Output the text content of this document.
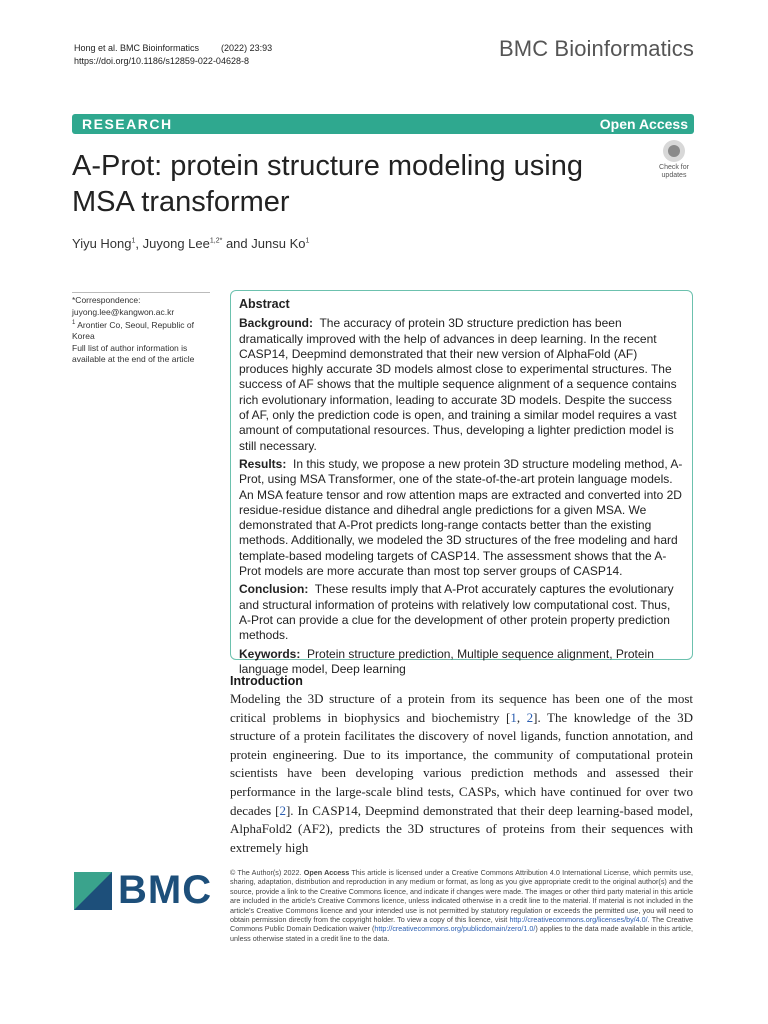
Hong et al. BMC Bioinformatics (2022) 23:93
https://doi.org/10.1186/s12859-022-04628-8	BMC Bioinformatics
RESEARCH	Open Access
A-Prot: protein structure modeling using MSA transformer
Check for updates
Yiyu Hong$^1$, Juyong Lee$^{1,2*}$ and Junsu Ko$^1$
*Correspondence:
juyong.lee@kangwon.ac.kr
$^1$ Arontier Co, Seoul, Republic of Korea
Full list of author information is available at the end of the article
Abstract

Background: The accuracy of protein 3D structure prediction has been dramatically improved with the help of advances in deep learning. In the recent CASP14, Deepmind demonstrated that their new version of AlphaFold (AF) produces highly accurate 3D models almost close to experimental structures. The success of AF shows that the multiple sequence alignment of a sequence contains rich evolutionary information, leading to accurate 3D models. Despite the success of AF, only the prediction code is open, and training a similar model requires a vast amount of computational resources. Thus, developing a lighter prediction model is still necessary.

Results: In this study, we propose a new protein 3D structure modeling method, A-Prot, using MSA Transformer, one of the state-of-the-art protein language models. An MSA feature tensor and row attention maps are extracted and converted into 2D residue-residue distance and dihedral angle predictions for a given MSA. We demonstrated that A-Prot predicts long-range contacts better than the existing methods. Additionally, we modeled the 3D structures of the free modeling and hard template-based modeling targets of CASP14. The assessment shows that the A-Prot models are more accurate than most top server groups of CASP14.

Conclusion: These results imply that A-Prot accurately captures the evolutionary and structural information of proteins with relatively low computational cost. Thus, A-Prot can provide a clue for the development of other protein property prediction methods.

Keywords: Protein structure prediction, Multiple sequence alignment, Protein language model, Deep learning

Introduction
Modeling the 3D structure of a protein from its sequence has been one of the most critical problems in biophysics and biochemistry [1, 2]. The knowledge of the 3D structure of a protein facilitates the discovery of novel ligands, function annotation, and protein engineering. Due to its importance, the community of computational protein scientists have been developing various prediction methods and assessed their performance in the large-scale blind tests, CASPs, which have continued for over two decades [2]. In CASP14, Deepmind demonstrated that their deep learning-based model, AlphaFold2 (AF2), predicts the 3D structures of proteins from their sequences with extremely high
BMC © The Author(s) 2022. Open Access This article is licensed under a Creative Commons Attribution 4.0 International License, which permits use, sharing, adaptation, distribution and reproduction in any medium or format, as long as you give appropriate credit to the original author(s) and the source, provide a link to the Creative Commons licence, and indicate if changes were made. The images or other third party material in this article are included in the article's Creative Commons licence, unless indicated otherwise in a credit line to the material. If material is not included in the article's Creative Commons licence and your intended use is not permitted by statutory regulation or exceeds the permitted use, you will need to obtain permission directly from the copyright holder. To view a copy of this licence, visit http://creativecommons.org/licenses/by/4.0/. The Creative Commons Public Domain Dedication waiver (http://creativecommons.org/publicdomain/zero/1.0/) applies to the data made available in this article, unless otherwise stated in a credit line to the data.
